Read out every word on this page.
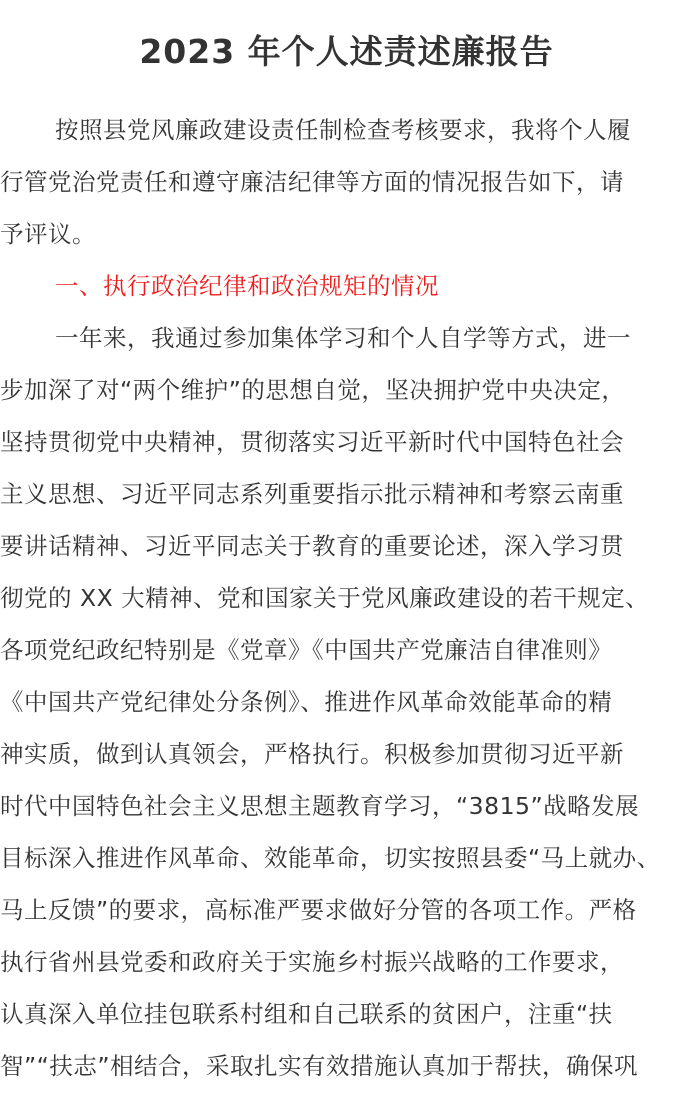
2023 年个人述责述廉报告
按照县党风廉政建设责任制检查考核要求，我将个人履
行管党治党责任和遵守廉洁纪律等方面的情况报告如下，请
予评议。
一、执行政治纪律和政治规矩的情况
一年来，我通过参加集体学习和个人自学等方式，进一
步加深了对“两个维护”的思想自觉，坚决拥护党中央决定，
坚持贯彻党中央精神，贯彻落实习近平新时代中国特色社会
主义思想、习近平同志系列重要指示批示精神和考察云南重
要讲话精神、习近平同志关于教育的重要论述，深入学习贯
彻党的 XX 大精神、党和国家关于党风廉政建设的若干规定、
各项党纪政纪特别是《党章》《中国共产党廉洁自律准则》
《中国共产党纪律处分条例》、推进作风革命效能革命的精
神实质，做到认真领会，严格执行。积极参加贯彻习近平新
时代中国特色社会主义思想主题教育学习，“3815”战略发展
目标深入推进作风革命、效能革命，切实按照县委“马上就办、
马上反馈”的要求，高标准严要求做好分管的各项工作。严格
执行省州县党委和政府关于实施乡村振兴战略的工作要求，
认真深入单位挂包联系村组和自己联系的贫困户，注重“扶
智”“扶志”相结合，采取扎实有效措施认真加于帮扶，确保巩
